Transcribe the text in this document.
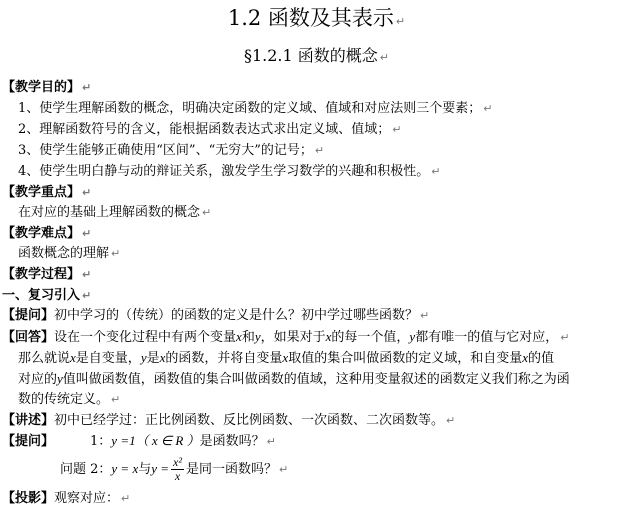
1.2 函数及其表示 ↵
§1.2.1 函数的概念 ↵
【教学目的】 ↵
1、使学生理解函数的概念，明确决定函数的定义域、值域和对应法则三个要素； ↵
2、理解函数符号的含义，能根据函数表达式求出定义域、值域； ↵
3、使学生能够正确使用“区间”、“无穷大”的记号； ↵
4、使学生明白静与动的辩证关系，激发学生学习数学的兴趣和积极性。 ↵
【教学重点】 ↵
在对应的基础上理解函数的概念 ↵
【教学难点】 ↵
函数概念的理解 ↵
【教学过程】 ↵
一、复习引入 ↵
【提问】初中学习的（传统）的函数的定义是什么？初中学过哪些函数？ ↵
【回答】设在一个变化过程中有两个变量x和y，如果对于x的每一个值，y都有唯一的值与它对应， ↵
那么就说x是自变量，y是x的函数，并将自变量x取值的集合叫做函数的定义域，和自变量x的值
对应的y值叫做函数值，函数值的集合叫做函数的值域，这种用变量叙述的函数定义我们称之为函
数的传统定义。 ↵
【讲述】初中已经学过：正比例函数、反比例函数、一次函数、二次函数等。 ↵
【提问】	1：y =1（ x ∈ R ）是函数吗？ ↵
问题 2：y = x与$y = \frac{\text{x²}}{x}$ 是同一函数吗？ ↵
【投影】观察对应： ↵
